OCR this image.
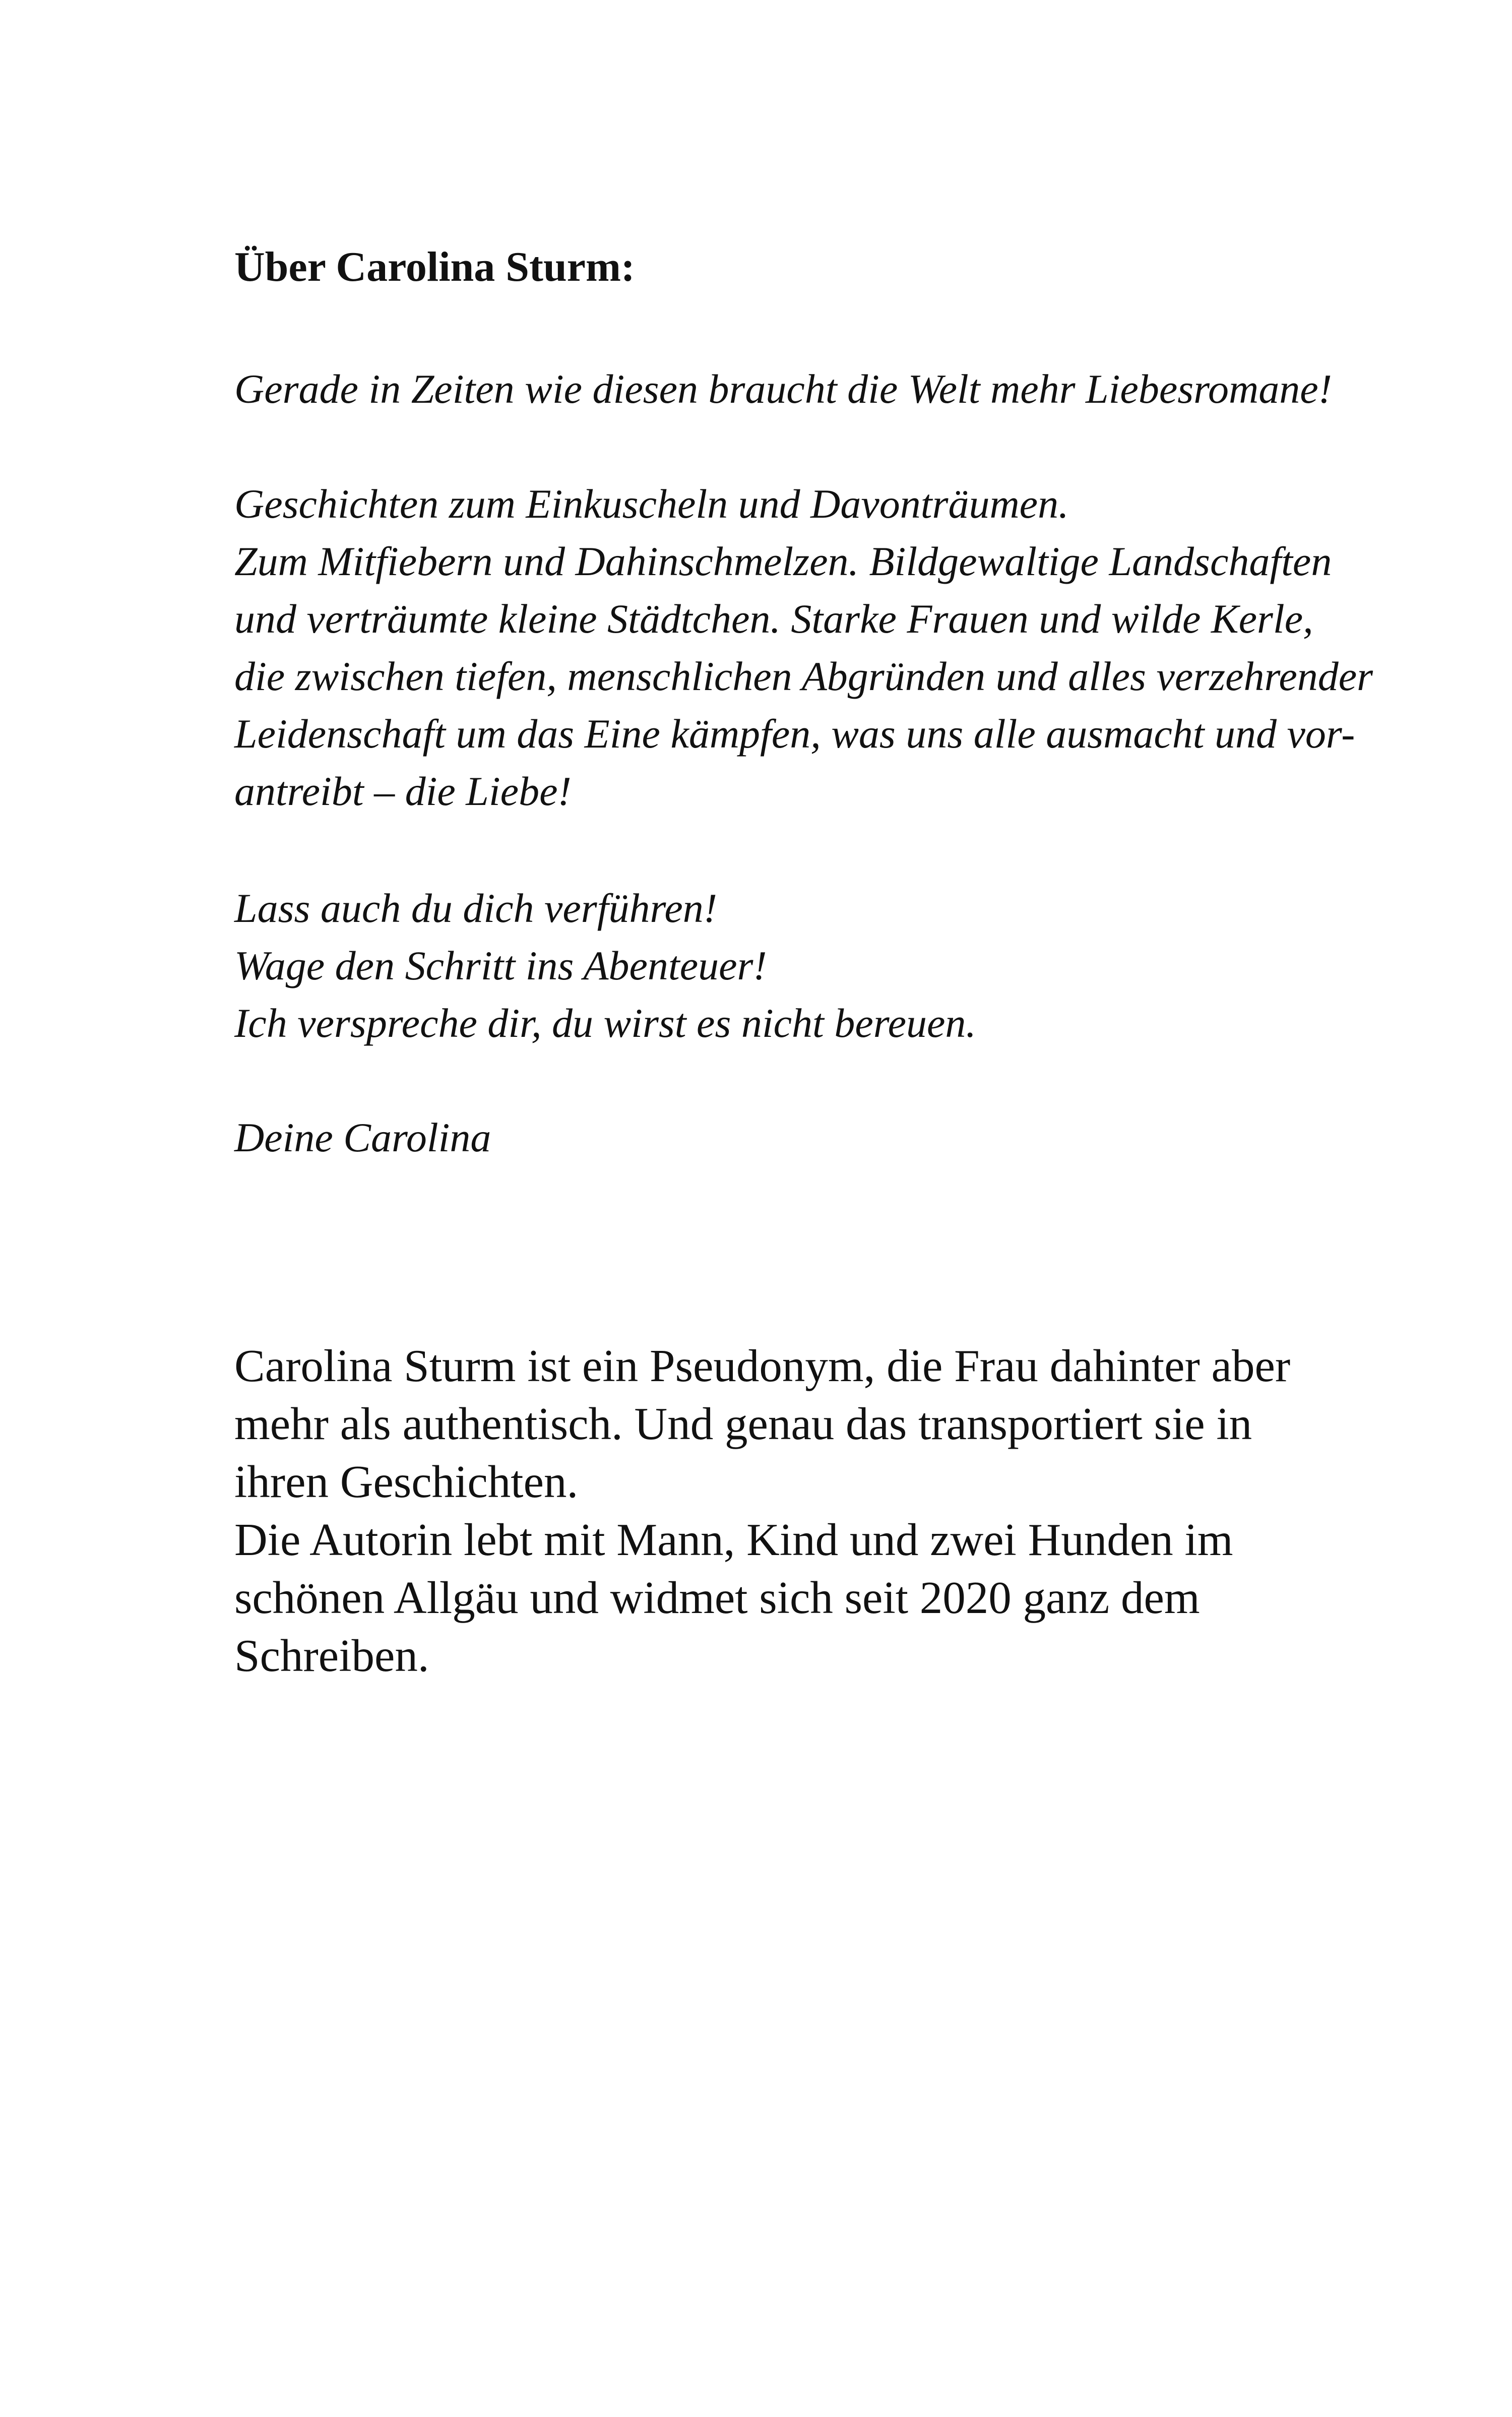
Über Carolina Sturm:

Gerade in Zeiten wie diesen braucht die Welt mehr Liebesromane!

Geschichten zum Einkuscheln und Davonträumen.
Zum Mitfiebern und Dahinschmelzen. Bildgewaltige Landschaften
und verträumte kleine Städtchen. Starke Frauen und wilde Kerle,
die zwischen tiefen, menschlichen Abgründen und alles verzehrender
Leidenschaft um das Eine kämpfen, was uns alle ausmacht und vor-
antreibt – die Liebe!

Lass auch du dich verführen!
Wage den Schritt ins Abenteuer!
Ich verspreche dir, du wirst es nicht bereuen.

Deine Carolina

Carolina Sturm ist ein Pseudonym, die Frau dahinter aber
mehr als authentisch. Und genau das transportiert sie in
ihren Geschichten.
Die Autorin lebt mit Mann, Kind und zwei Hunden im
schönen Allgäu und widmet sich seit 2020 ganz dem
Schreiben.
